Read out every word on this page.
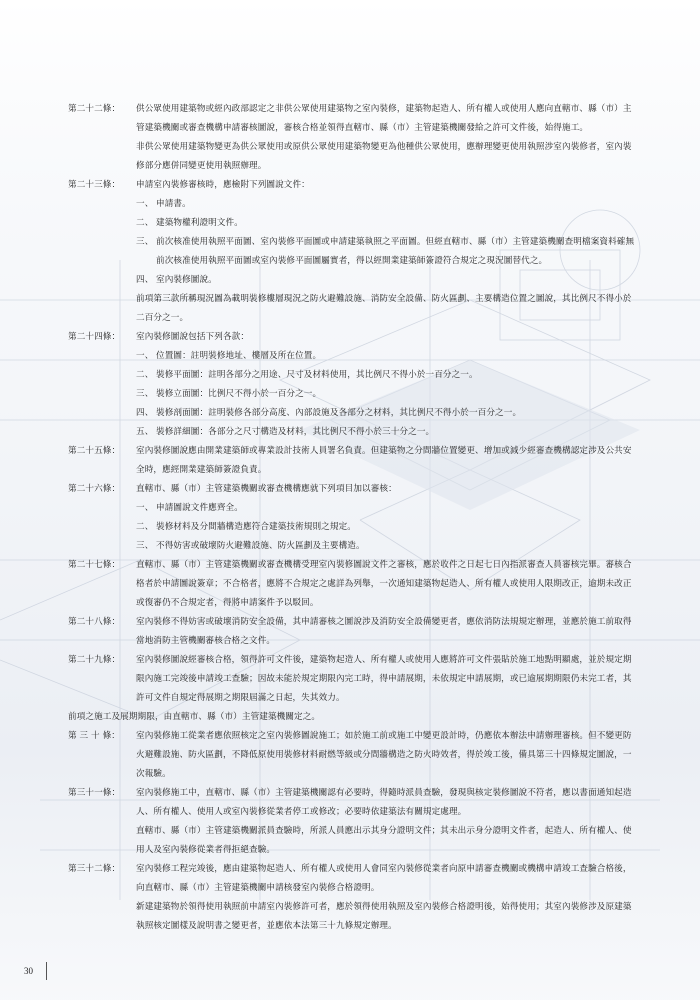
第二十二條：	供公眾使用建築物或經內政部認定之非供公眾使用建築物之室內裝修，建築物起造人、所有權人或使用人應向直轄市、縣（市）主管建築機關或審查機構申請審核圖說，審核合格並領得直轄市、縣（市）主管建築機關發給之許可文件後，始得施工。
非供公眾使用建築物變更為供公眾使用或原供公眾使用建築物變更為他種供公眾使用，應辦理變更使用執照涉室內裝修者，室內裝修部分應併同變更使用執照辦理。
第二十三條：	申請室內裝修審核時，應檢附下列圖說文件：
一、 申請書。
二、 建築物權利證明文件。
三、 前次核准使用執照平面圖、室內裝修平面圖或申請建築執照之平面圖。但經直轄市、縣（市）主管建築機關查明檔案資料確無前次核准使用執照平面圖或室內裝修平面圖屬實者，得以經開業建築師簽證符合規定之現況圖替代之。
四、 室內裝修圖說。
前項第三款所稱現況圖為載明裝修樓層現況之防火避難設施、消防安全設備、防火區劃、主要構造位置之圖說，其比例尺不得小於二百分之一。
第二十四條：	室內裝修圖說包括下列各款：
一、 位置圖：註明裝修地址、樓層及所在位置。
二、 裝修平面圖：註明各部分之用途、尺寸及材料使用，其比例尺不得小於一百分之一。
三、 裝修立面圖：比例尺不得小於一百分之一。
四、 裝修剖面圖：註明裝修各部分高度、內部設施及各部分之材料，其比例尺不得小於一百分之一。
五、 裝修詳細圖：各部分之尺寸構造及材料，其比例尺不得小於三十分之一。
第二十五條：	室內裝修圖說應由開業建築師或專業設計技術人員署名負責。但建築物之分間牆位置變更、增加或減少經審查機構認定涉及公共安全時，應經開業建築師簽證負責。
第二十六條：	直轄市、縣（市）主管建築機關或審查機構應就下列項目加以審核：
一、 申請圖說文件應齊全。
二、 裝修材料及分間牆構造應符合建築技術規則之規定。
三、 不得妨害或破壞防火避難設施、防火區劃及主要構造。
第二十七條：	直轄市、縣（市）主管建築機關或審查機構受理室內裝修圖說文件之審核，應於收件之日起七日內指派審查人員審核完畢。審核合格者於申請圖說簽章；不合格者，應將不合規定之處詳為列舉，一次通知建築物起造人、所有權人或使用人限期改正，逾期未改正或復審仍不合規定者，得將申請案件予以駁回。
第二十八條：	室內裝修不得妨害或破壞消防安全設備，其申請審核之圖說涉及消防安全設備變更者，應依消防法規規定辦理，並應於施工前取得當地消防主管機關審核合格之文件。
第二十九條：	室內裝修圖說經審核合格，領得許可文件後，建築物起造人、所有權人或使用人應將許可文件張貼於施工地點明顯處，並於規定期限內施工完竣後申請竣工查驗；因故未能於規定期限內完工時，得申請展期，未依規定申請展期，或已逾展期期限仍未完工者，其許可文件自規定得展期之期限屆滿之日起，失其效力。
前項之施工及展期期限，由直轄市、縣（市）主管建築機關定之。
第 三 十 條：	室內裝修施工從業者應依照核定之室內裝修圖說施工；如於施工前或施工中變更設計時，仍應依本辦法申請辦理審核。但不變更防火避難設施、防火區劃，不降低原使用裝修材料耐燃等級或分間牆構造之防火時效者，得於竣工後，備具第三十四條規定圖說，一次報驗。
第三十一條：	室內裝修施工中，直轄市、縣（市）主管建築機關認有必要時，得隨時派員查驗，發現與核定裝修圖說不符者，應以書面通知起造人、所有權人、使用人或室內裝修從業者停工或修改；必要時依建築法有關規定處理。
直轄市、縣（市）主管建築機關派員查驗時，所派人員應出示其身分證明文件；其未出示身分證明文件者，起造人、所有權人、使用人及室內裝修從業者得拒絕查驗。
第三十二條：	室內裝修工程完竣後，應由建築物起造人、所有權人或使用人會同室內裝修從業者向原申請審查機關或機構申請竣工查驗合格後，向直轄市、縣（市）主管建築機關申請核發室內裝修合格證明。
新建建築物於領得使用執照前申請室內裝修許可者，應於領得使用執照及室內裝修合格證明後，始得使用；其室內裝修涉及原建築執照核定圖樣及說明書之變更者，並應依本法第三十九條規定辦理。
30
